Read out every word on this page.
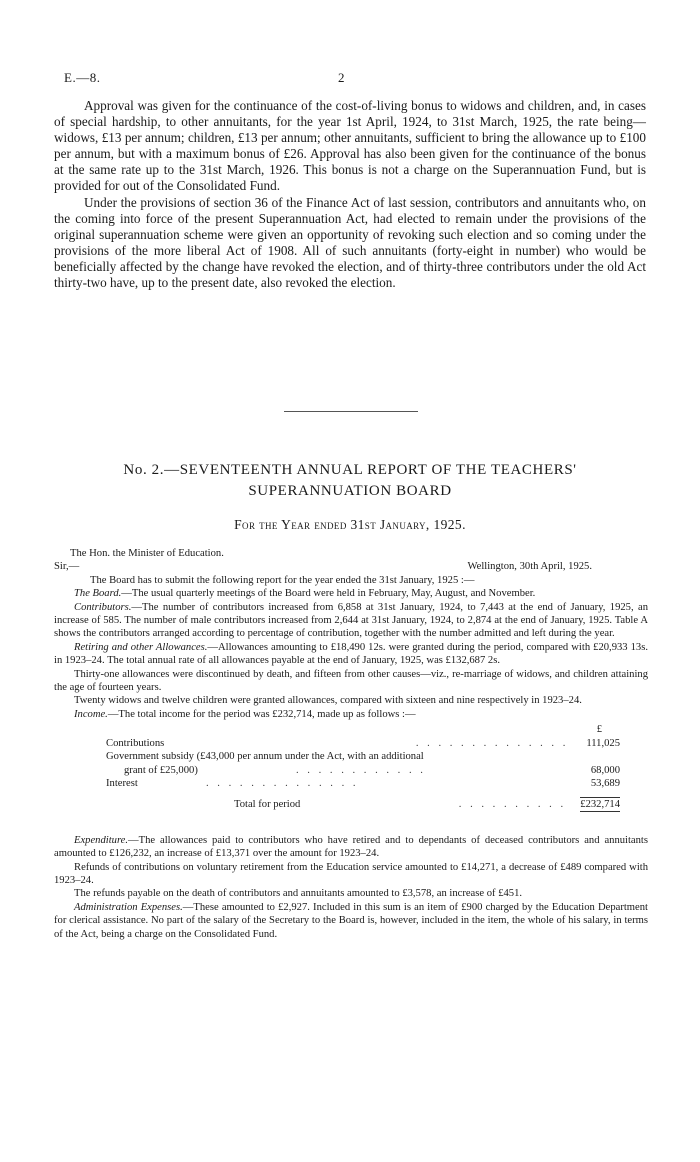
E.—8.	2

Approval was given for the continuance of the cost-of-living bonus to widows and children, and, in cases of special hardship, to other annuitants, for the year 1st April, 1924, to 31st March, 1925, the rate being— widows, £13 per annum; children, £13 per annum; other annuitants, sufficient to bring the allowance up to £100 per annum, but with a maximum bonus of £26. Approval has also been given for the continuance of the bonus at the same rate up to the 31st March, 1926. This bonus is not a charge on the Superannuation Fund, but is provided for out of the Consolidated Fund.

Under the provisions of section 36 of the Finance Act of last session, contributors and annuitants who, on the coming into force of the present Superannuation Act, had elected to remain under the provisions of the original superannuation scheme were given an opportunity of revoking such election and so coming under the provisions of the more liberal Act of 1908. All of such annuitants (forty-eight in number) who would be beneficially affected by the change have revoked the election, and of thirty-three contributors under the old Act thirty-two have, up to the present date, also revoked the election.

No. 2.—SEVENTEENTH ANNUAL REPORT OF THE TEACHERS'
SUPERANNUATION BOARD
For the Year ended 31st January, 1925.

The Hon. the Minister of Education.

Sir,—	Wellington, 30th April, 1925.

The Board has to submit the following report for the year ended the 31st January, 1925 :—

The Board.—The usual quarterly meetings of the Board were held in February, May, August, and November.

Contributors.—The number of contributors increased from 6,858 at 31st January, 1924, to 7,443 at the end of January, 1925, an increase of 585. The number of male contributors increased from 2,644 at 31st January, 1924, to 2,874 at the end of January, 1925. Table A shows the contributors arranged according to percentage of contribution, together with the number admitted and left during the year.

Retiring and other Allowances.—Allowances amounting to £18,490 12s. were granted during the period, compared with £20,933 13s. in 1923–24. The total annual rate of all allowances payable at the end of January, 1925, was £132,687 2s.

Thirty-one allowances were discontinued by death, and fifteen from other causes—viz., re-marriage of widows, and children attaining the age of fourteen years.

Twenty widows and twelve children were granted allowances, compared with sixteen and nine respectively in 1923–24.

Income.—The total income for the period was £232,714, made up as follows :—

£
Contributions	. . . . . . . . . . . . . .	111,025
Government subsidy (£43,000 per annum under the Act, with an additional
grant of £25,000)	. . . . . . . . . . . .	68,000
Interest	. . . . . . . . . . . . . .	53,689
Total for period	. . . . . . . . . .	£232,714

Expenditure.—The allowances paid to contributors who have retired and to dependants of deceased contributors and annuitants amounted to £126,232, an increase of £13,371 over the amount for 1923–24.

Refunds of contributions on voluntary retirement from the Education service amounted to £14,271, a decrease of £489 compared with 1923–24.

The refunds payable on the death of contributors and annuitants amounted to £3,578, an increase of £451.

Administration Expenses.—These amounted to £2,927. Included in this sum is an item of £900 charged by the Education Department for clerical assistance. No part of the salary of the Secretary to the Board is, however, included in the item, the whole of his salary, in terms of the Act, being a charge on the Consolidated Fund.
